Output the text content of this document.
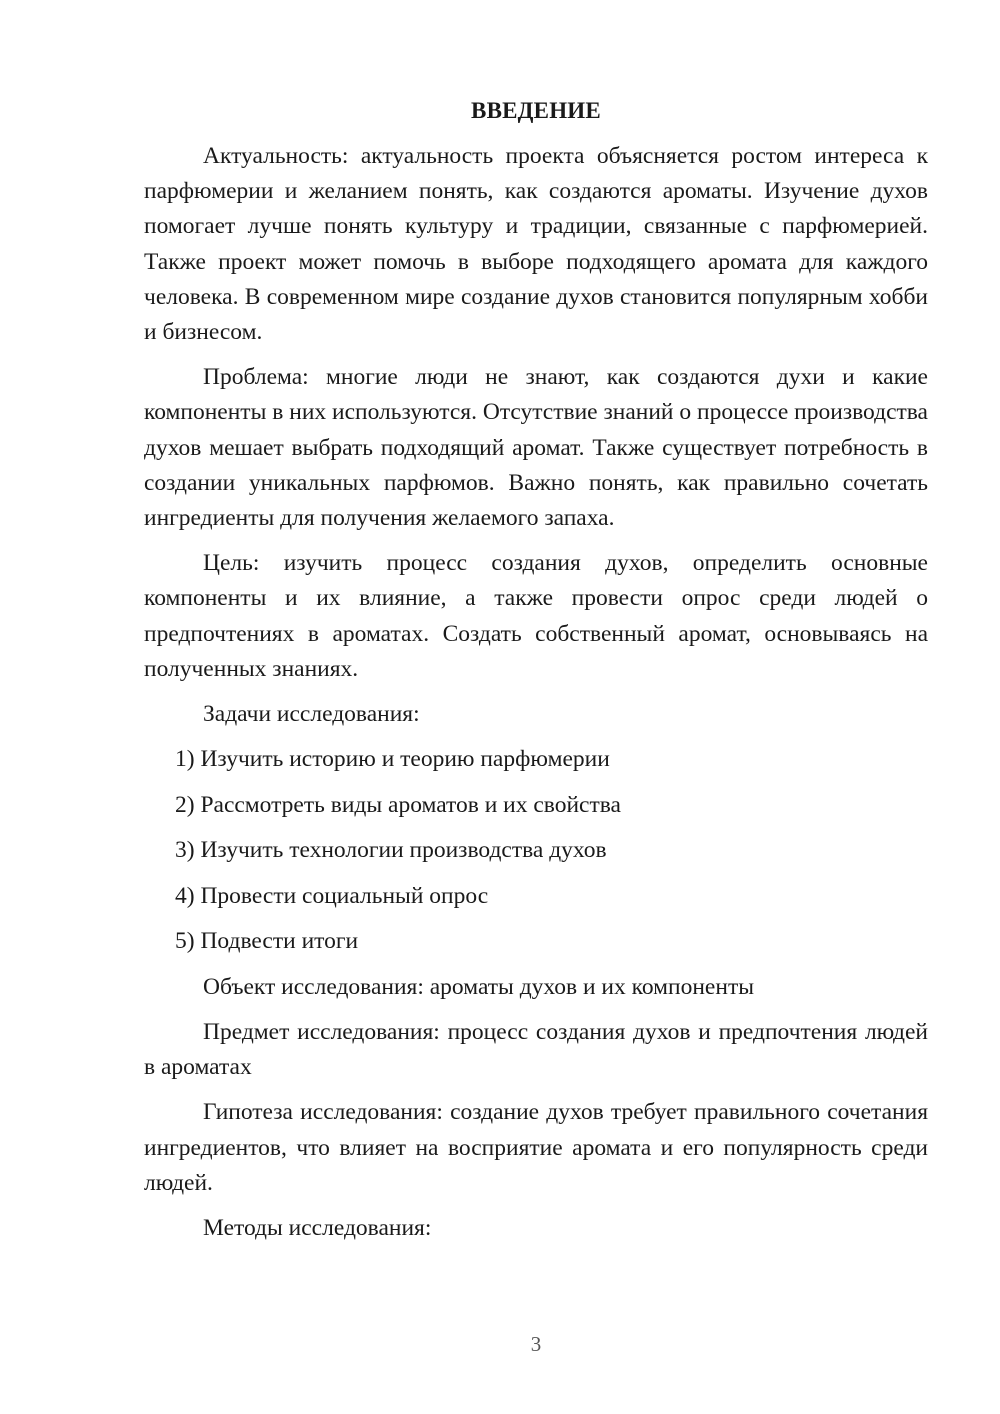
ВВЕДЕНИЕ
Актуальность: актуальность проекта объясняется ростом интереса к парфюмерии и желанием понять, как создаются ароматы. Изучение духов помогает лучше понять культуру и традиции, связанные с парфюмерией. Также проект может помочь в выборе подходящего аромата для каждого человека. В современном мире создание духов становится популярным хобби и бизнесом.
Проблема: многие люди не знают, как создаются духи и какие компоненты в них используются. Отсутствие знаний о процессе производства духов мешает выбрать подходящий аромат. Также существует потребность в создании уникальных парфюмов. Важно понять, как правильно сочетать ингредиенты для получения желаемого запаха.
Цель: изучить процесс создания духов, определить основные компоненты и их влияние, а также провести опрос среди людей о предпочтениях в ароматах. Создать собственный аромат, основываясь на полученных знаниях.
Задачи исследования:
1) Изучить историю и теорию парфюмерии
2) Рассмотреть виды ароматов и их свойства
3) Изучить технологии производства духов
4) Провести социальный опрос
5) Подвести итоги
Объект исследования: ароматы духов и их компоненты
Предмет исследования: процесс создания духов и предпочтения людей в ароматах
Гипотеза исследования: создание духов требует правильного сочетания ингредиентов, что влияет на восприятие аромата и его популярность среди людей.
Методы исследования:
3
